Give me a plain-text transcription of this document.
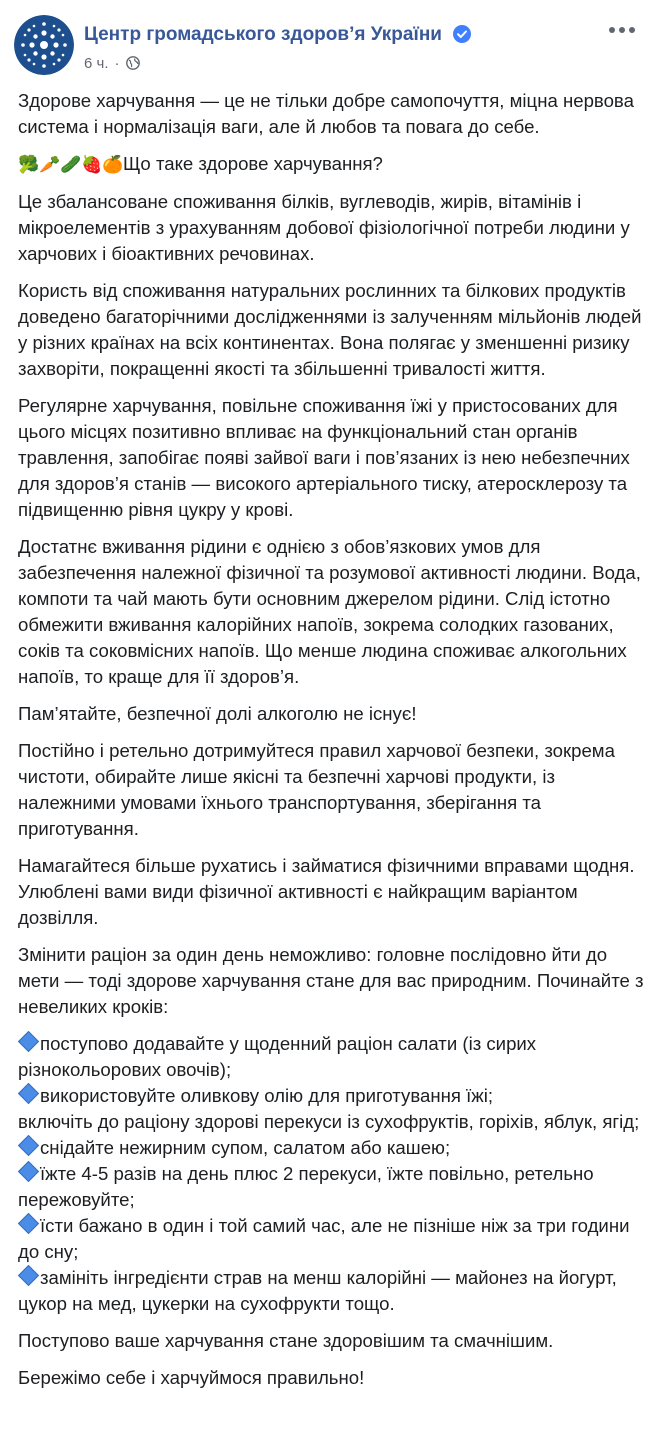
Центр громадського здоров’я України
6 ч. ·

Здорове харчування — це не тільки добре самопочуття, міцна нервова система і нормалізація ваги, але й любов та повага до себе.

🥦🥕🥒🍓🍊Що таке здорове харчування?

Це збалансоване споживання білків, вуглеводів, жирів, вітамінів і мікроелементів з урахуванням добової фізіологічної потреби людини у харчових і біоактивних речовинах.

Користь від споживання натуральних рослинних та білкових продуктів доведено багаторічними дослідженнями із залученням мільйонів людей у різних країнах на всіх континентах. Вона полягає у зменшенні ризику захворіти, покращенні якості та збільшенні тривалості життя.

Регулярне харчування, повільне споживання їжі у пристосованих для цього місцях позитивно впливає на функціональний стан органів травлення, запобігає появі зайвої ваги і пов’язаних із нею небезпечних для здоров’я станів — високого артеріального тиску, атеросклерозу та підвищенню рівня цукру у крові.

Достатнє вживання рідини є однією з обов’язкових умов для забезпечення належної фізичної та розумової активності людини. Вода, компоти та чай мають бути основним джерелом рідини. Слід істотно обмежити вживання калорійних напоїв, зокрема солодких газованих, соків та соковмісних напоїв. Що менше людина споживає алкогольних напоїв, то краще для її здоров’я.

Пам’ятайте, безпечної долі алкоголю не існує!

Постійно і ретельно дотримуйтеся правил харчової безпеки, зокрема чистоти, обирайте лише якісні та безпечні харчові продукти, із належними умовами їхнього транспортування, зберігання та приготування.

Намагайтеся більше рухатись і займатися фізичними вправами щодня. Улюблені вами види фізичної активності є найкращим варіантом дозвілля.

Змінити раціон за один день неможливо: головне послідовно йти до мети — тоді здорове харчування стане для вас природним. Починайте з невеликих кроків:

поступово додавайте у щоденний раціон салати (із сирих різнокольорових овочів);
використовуйте оливкову олію для приготування їжі;
включіть до раціону здорові перекуси із сухофруктів, горіхів, яблук, ягід;
снідайте нежирним супом, салатом або кашею;
їжте 4-5 разів на день плюс 2 перекуси, їжте повільно, ретельно пережовуйте;
їсти бажано в один і той самий час, але не пізніше ніж за три години до сну;
замініть інгредієнти страв на менш калорійні — майонез на йогурт, цукор на мед, цукерки на сухофрукти тощо.

Поступово ваше харчування стане здоровішим та смачнішим.

Бережімо себе і харчуймося правильно!
